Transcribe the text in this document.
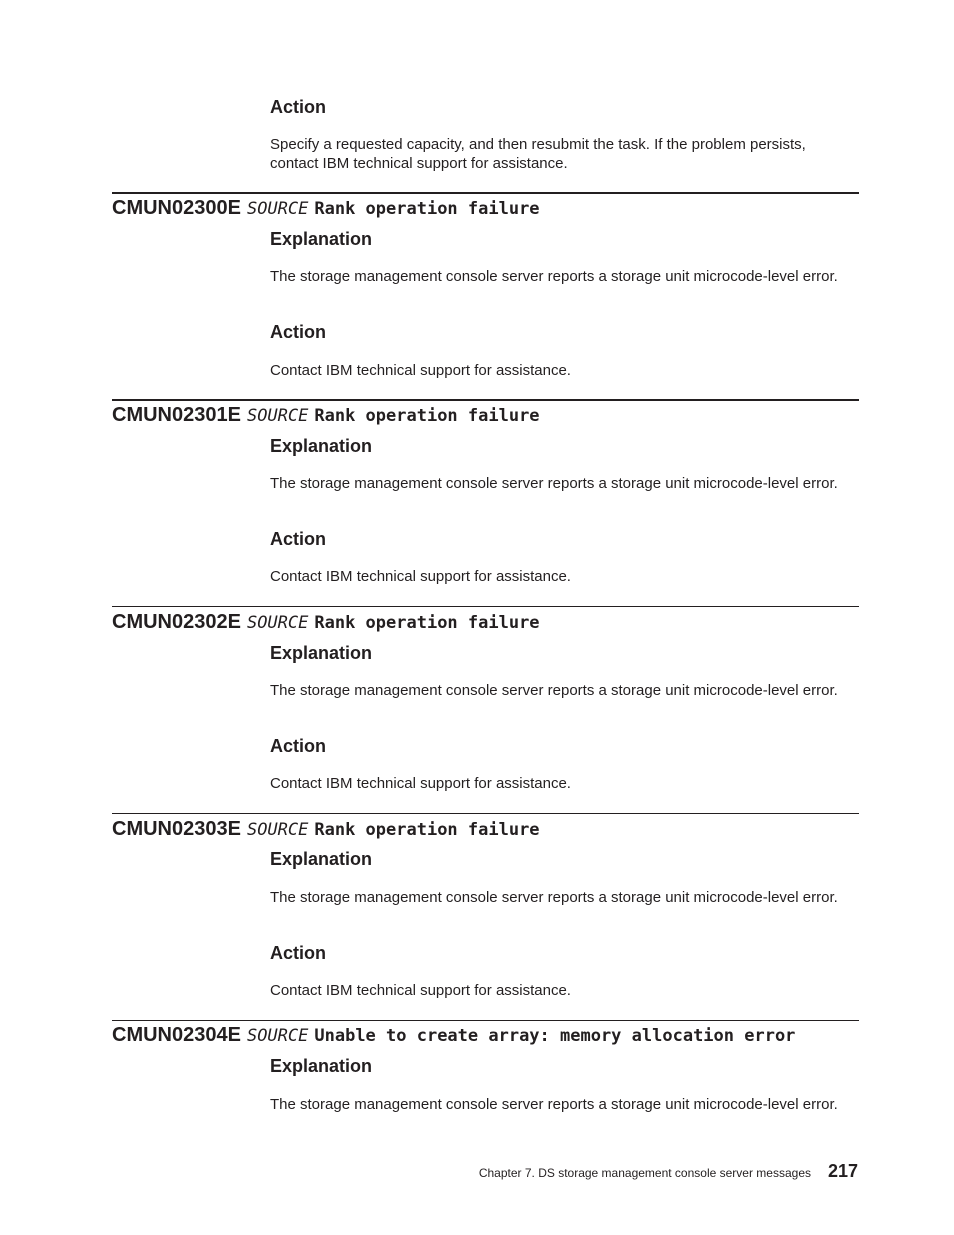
Action

Specify a requested capacity, and then resubmit the task. If the problem persists, contact IBM technical support for assistance.

CMUN02300E SOURCE Rank operation failure
Explanation

The storage management console server reports a storage unit microcode-level error.

Action

Contact IBM technical support for assistance.

CMUN02301E SOURCE Rank operation failure
Explanation

The storage management console server reports a storage unit microcode-level error.

Action

Contact IBM technical support for assistance.

CMUN02302E SOURCE Rank operation failure
Explanation

The storage management console server reports a storage unit microcode-level error.

Action

Contact IBM technical support for assistance.

CMUN02303E SOURCE Rank operation failure
Explanation

The storage management console server reports a storage unit microcode-level error.

Action

Contact IBM technical support for assistance.

CMUN02304E SOURCE Unable to create array: memory allocation error
Explanation

The storage management console server reports a storage unit microcode-level error.

Chapter 7. DS storage management console server messages 217
